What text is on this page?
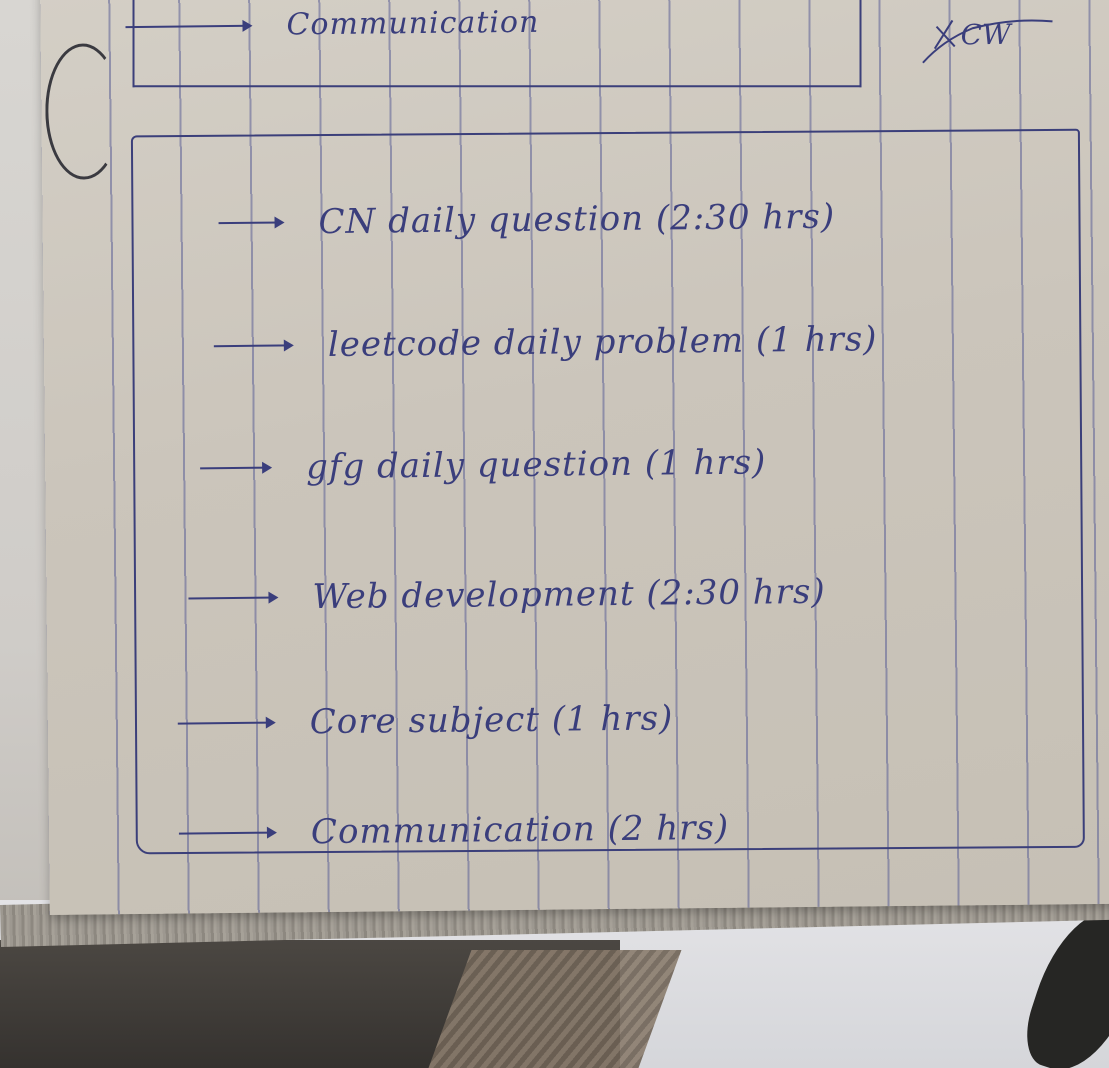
Communication	CW
CN daily question (2:30 hrs)
leetcode daily problem (1 hrs)
gfg daily question (1 hrs)
Web development (2:30 hrs)
Core subject (1 hrs)
Communication (2 hrs)
